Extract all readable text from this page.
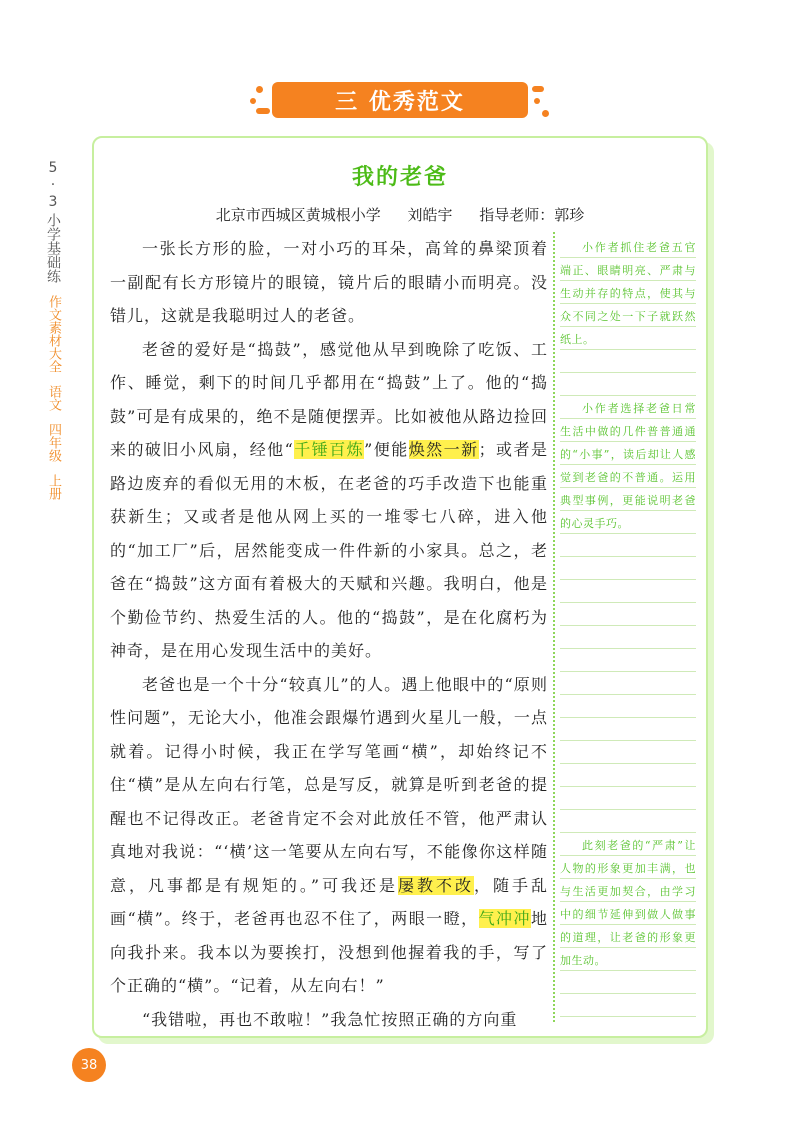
5·3
小学基础练
作文素材大全
语文
四年级
上册
三 优秀范文
我的老爸
北京市西城区黄城根小学 刘皓宇 指导老师：郭珍

一张长方形的脸，一对小巧的耳朵，高耸的鼻梁顶着一副配有长方形镜片的眼镜，镜片后的眼睛小而明亮。没错儿，这就是我聪明过人的老爸。

老爸的爱好是“捣鼓”，感觉他从早到晚除了吃饭、工作、睡觉，剩下的时间几乎都用在“捣鼓”上了。他的“捣鼓”可是有成果的，绝不是随便摆弄。比如被他从路边捡回来的破旧小风扇，经他“千锤百炼”便能焕然一新；或者是路边废弃的看似无用的木板，在老爸的巧手改造下也能重获新生；又或者是他从网上买的一堆零七八碎，进入他的“加工厂”后，居然能变成一件件新的小家具。总之，老爸在“捣鼓”这方面有着极大的天赋和兴趣。我明白，他是个勤俭节约、热爱生活的人。他的“捣鼓”，是在化腐朽为神奇，是在用心发现生活中的美好。

老爸也是一个十分“较真儿”的人。遇上他眼中的“原则性问题”，无论大小，他准会跟爆竹遇到火星儿一般，一点就着。记得小时候，我正在学写笔画“横”，却始终记不住“横”是从左向右行笔，总是写反，就算是听到老爸的提醒也不记得改正。老爸肯定不会对此放任不管，他严肃认真地对我说：“‘横’这一笔要从左向右写，不能像你这样随意，凡事都是有规矩的。”可我还是屡教不改，随手乱画“横”。终于，老爸再也忍不住了，两眼一瞪，气冲冲地向我扑来。我本以为要挨打，没想到他握着我的手，写了个正确的“横”。“记着，从左向右！”

“我错啦，再也不敢啦！”我急忙按照正确的方向重

小作者抓住老爸五官端正、眼睛明亮、严肃与生动并存的特点，使其与众不同之处一下子就跃然纸上。
小作者选择老爸日常生活中做的几件普普通通的“小事”，读后却让人感觉到老爸的不普通。运用典型事例，更能说明老爸的心灵手巧。
此刻老爸的“严肃”让人物的形象更加丰满，也与生活更加契合，由学习中的细节延伸到做人做事的道理，让老爸的形象更加生动。
38
